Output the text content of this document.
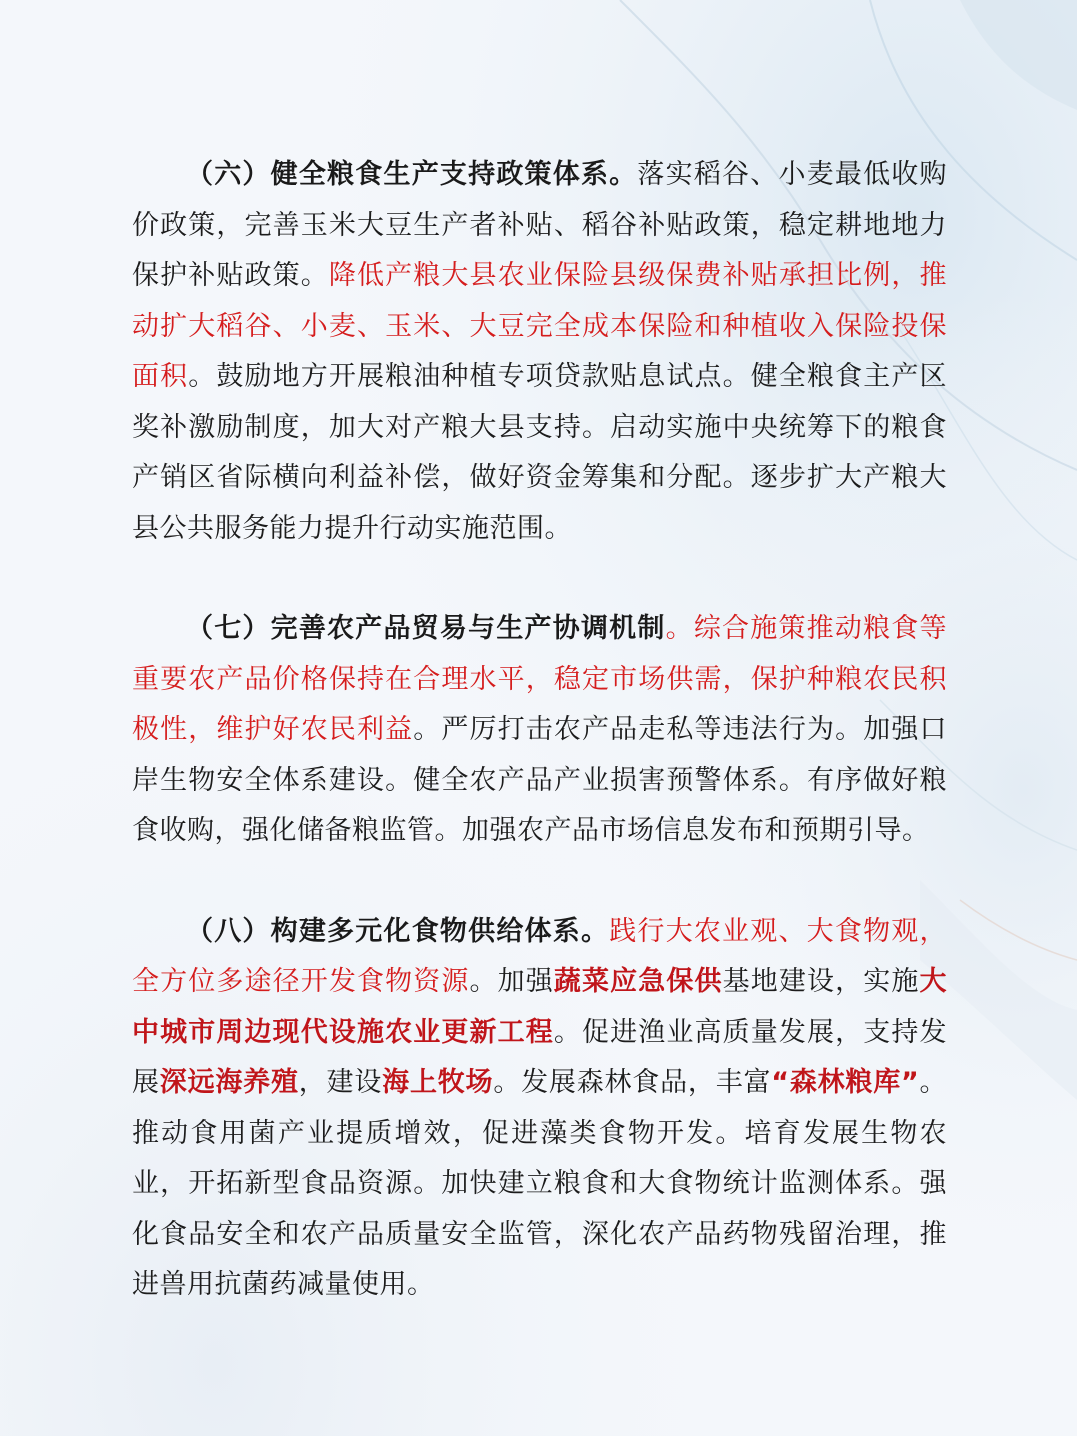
（六）健全粮食生产支持政策体系。落实稻谷、小麦最低收购价政策，完善玉米大豆生产者补贴、稻谷补贴政策，稳定耕地地力保护补贴政策。降低产粮大县农业保险县级保费补贴承担比例，推动扩大稻谷、小麦、玉米、大豆完全成本保险和种植收入保险投保面积。鼓励地方开展粮油种植专项贷款贴息试点。健全粮食主产区奖补激励制度，加大对产粮大县支持。启动实施中央统筹下的粮食产销区省际横向利益补偿，做好资金筹集和分配。逐步扩大产粮大县公共服务能力提升行动实施范围。

（七）完善农产品贸易与生产协调机制。综合施策推动粮食等重要农产品价格保持在合理水平，稳定市场供需，保护种粮农民积极性，维护好农民利益。严厉打击农产品走私等违法行为。加强口岸生物安全体系建设。健全农产品产业损害预警体系。有序做好粮食收购，强化储备粮监管。加强农产品市场信息发布和预期引导。

（八）构建多元化食物供给体系。践行大农业观、大食物观，全方位多途径开发食物资源。加强蔬菜应急保供基地建设，实施大中城市周边现代设施农业更新工程。促进渔业高质量发展，支持发展深远海养殖，建设海上牧场。发展森林食品，丰富“森林粮库”。推动食用菌产业提质增效，促进藻类食物开发。培育发展生物农业，开拓新型食品资源。加快建立粮食和大食物统计监测体系。强化食品安全和农产品质量安全监管，深化农产品药物残留治理，推进兽用抗菌药减量使用。
